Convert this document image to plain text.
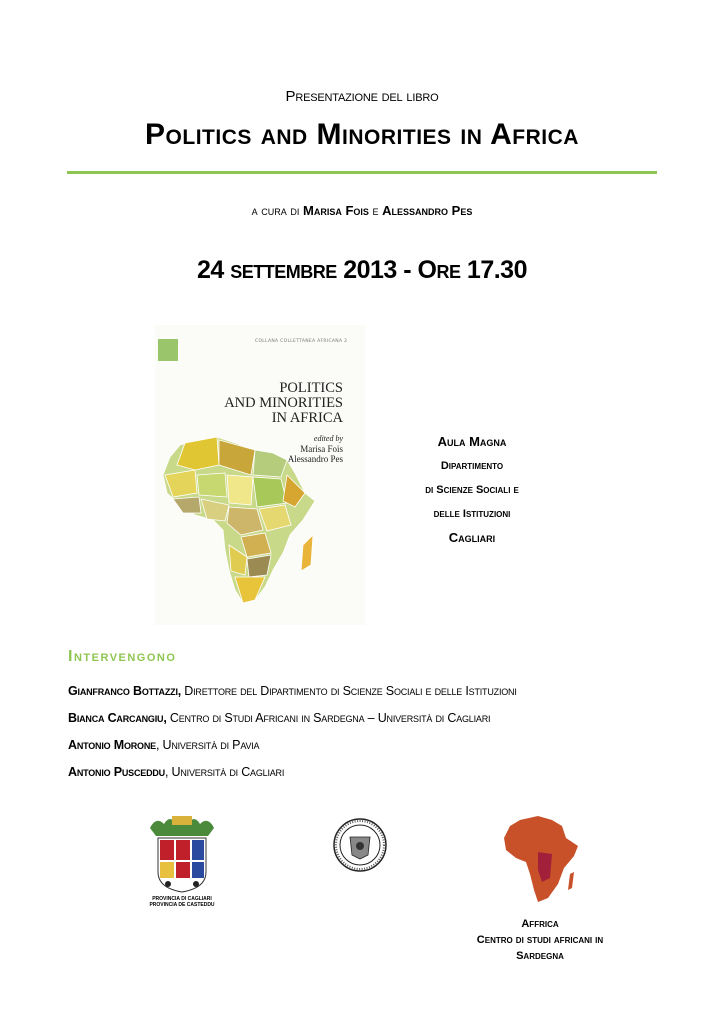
Presentazione del libro
Politics and Minorities in Africa
a cura di Marisa Fois e Alessandro Pes
24 settembre 2013 - Ore 17.30
COLLANA COLLETTANEA AFRICANA 2
POLITICS
AND MINORITIES
IN AFRICA
edited by
Marisa Fois
Alessandro Pes
Aula Magna
Dipartimento
di Scienze Sociali e
delle Istituzioni
Cagliari
Intervengono
Gianfranco Bottazzi, Direttore del Dipartimento di Scienze Sociali e delle Istituzioni
Bianca Carcangiu, Centro di Studi Africani in Sardegna – Università di Cagliari
Antonio Morone, Università di Pavia
Antonio Pusceddu, Università di Cagliari
PROVINCIA DI CAGLIARI
PROVINCIA DE CASTEDDU
Affrica
Centro di studi africani in
Sardegna
